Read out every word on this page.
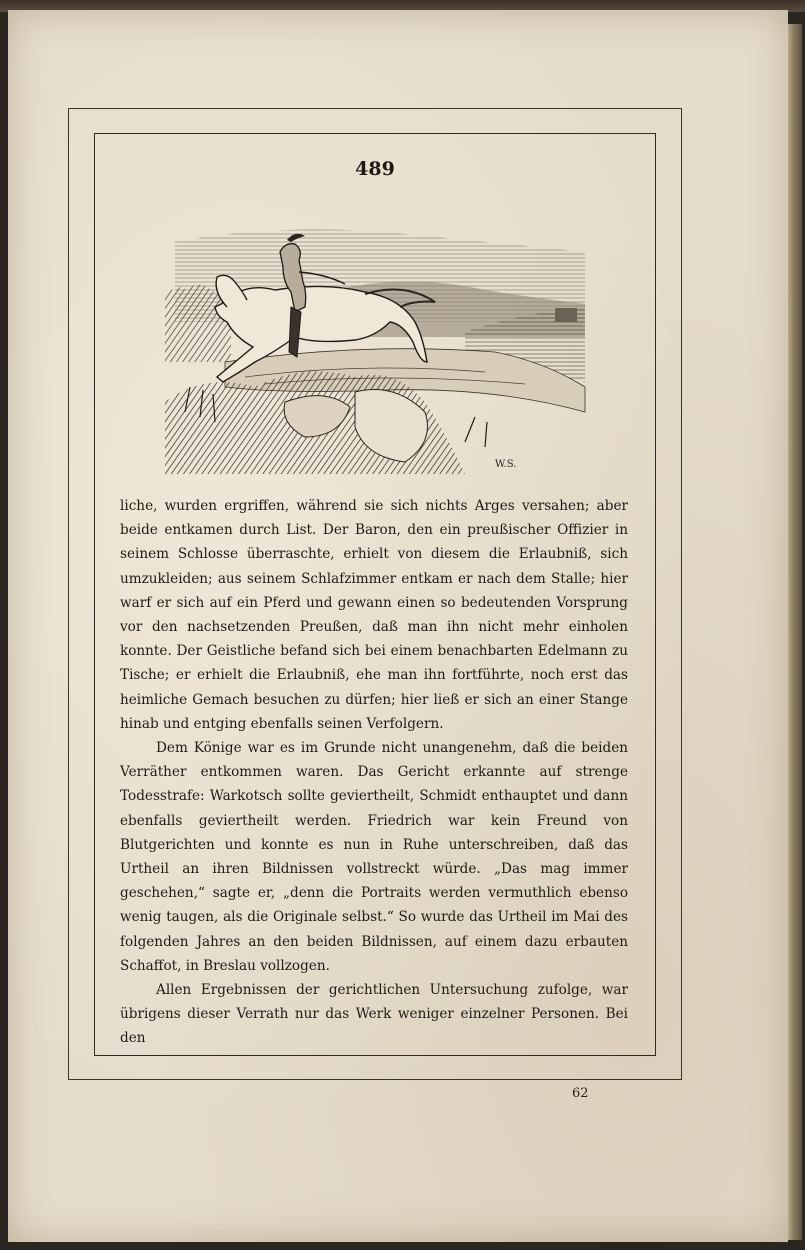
489
W.S.

liche, wurden ergriffen, während sie sich nichts Arges versahen; aber beide entkamen durch List. Der Baron, den ein preußischer Offizier in seinem Schlosse überraschte, erhielt von diesem die Erlaubniß, sich umzukleiden; aus seinem Schlafzimmer entkam er nach dem Stalle; hier warf er sich auf ein Pferd und gewann einen so bedeutenden Vorsprung vor den nachsetzenden Preußen, daß man ihn nicht mehr einholen konnte. Der Geistliche befand sich bei einem benachbarten Edelmann zu Tische; er erhielt die Erlaubniß, ehe man ihn fortführte, noch erst das heimliche Gemach besuchen zu dürfen; hier ließ er sich an einer Stange hinab und entging ebenfalls seinen Verfolgern.

Dem Könige war es im Grunde nicht unangenehm, daß die beiden Verräther entkommen waren. Das Gericht erkannte auf strenge Todesstrafe: Warkotsch sollte geviertheilt, Schmidt enthauptet und dann ebenfalls geviertheilt werden. Friedrich war kein Freund von Blutgerichten und konnte es nun in Ruhe unterschreiben, daß das Urtheil an ihren Bildnissen vollstreckt würde. „Das mag immer geschehen,“ sagte er, „denn die Portraits werden vermuthlich ebenso wenig taugen, als die Originale selbst.“ So wurde das Urtheil im Mai des folgenden Jahres an den beiden Bildnissen, auf einem dazu erbauten Schaffot, in Breslau vollzogen.

Allen Ergebnissen der gerichtlichen Untersuchung zufolge, war übrigens dieser Verrath nur das Werk weniger einzelner Personen. Bei den

62
